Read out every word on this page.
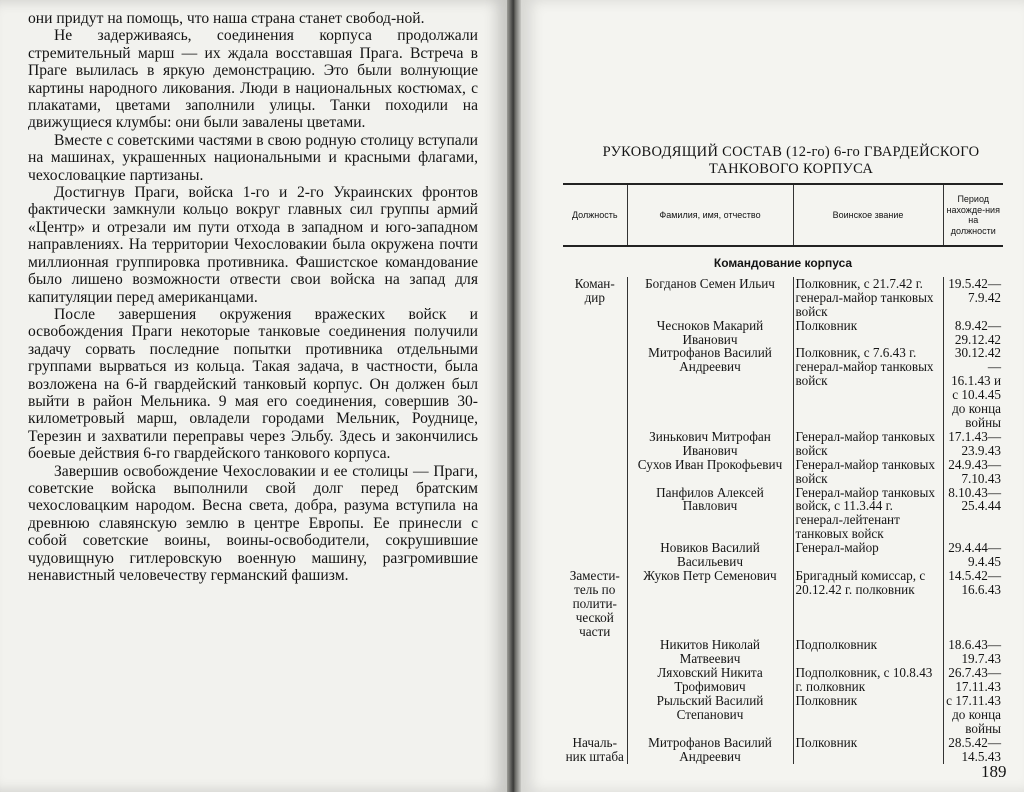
они придут на помощь, что наша страна станет свобод-ной.

Не задерживаясь, соединения корпуса продолжали стремительный марш — их ждала восставшая Прага. Встреча в Праге вылилась в яркую демонстрацию. Это были волнующие картины народного ликования. Люди в национальных костюмах, с плакатами, цветами заполнили улицы. Танки походили на движущиеся клумбы: они были завалены цветами.

Вместе с советскими частями в свою родную столицу вступали на машинах, украшенных национальными и красными флагами, чехословацкие партизаны.

Достигнув Праги, войска 1-го и 2-го Украинских фронтов фактически замкнули кольцо вокруг главных сил группы армий «Центр» и отрезали им пути отхода в западном и юго-западном направлениях. На территории Чехословакии была окружена почти миллионная группировка противника. Фашистское командование было лишено возможности отвести свои войска на запад для капитуляции перед американцами.

После завершения окружения вражеских войск и освобождения Праги некоторые танковые соединения получили задачу сорвать последние попытки противника отдельными группами вырваться из кольца. Такая задача, в частности, была возложена на 6-й гвардейский танковый корпус. Он должен был выйти в район Мельника. 9 мая его соединения, совершив 30-километровый марш, овладели городами Мельник, Роуднице, Терезин и захватили переправы через Эльбу. Здесь и закончились боевые действия 6-го гвардейского танкового корпуса.

Завершив освобождение Чехословакии и ее столицы — Праги, советские войска выполнили свой долг перед братским чехословацким народом. Весна света, добра, разума вступила на древнюю славянскую землю в центре Европы. Ее принесли с собой советские воины, воины-освободители, сокрушившие чудовищную гитлеровскую военную машину, разгромившие ненавистный человечеству германский фашизм.

РУКОВОДЯЩИЙ СОСТАВ (12-го) 6-го ГВАРДЕЙСКОГО
ТАНКОВОГО КОРПУСА
Должность	Фамилия, имя, отчество	Воинское звание	Период нахожде-ния на должности
Командование корпуса			
Коман-дир	Богданов Семен Ильич	Полковник, с 21.7.42 г. генерал-майор танковых войск	19.5.42— 7.9.42
	Чесноков Макарий Иванович	Полковник	8.9.42— 29.12.42
	Митрофанов Василий Андреевич	Полковник, с 7.6.43 г. генерал-майор танковых войск	30.12.42— 16.1.43 и с 10.4.45 до конца войны
	Зинькович Митрофан Иванович	Генерал-майор танковых войск	17.1.43— 23.9.43
	Сухов Иван Прокофьевич	Генерал-майор танковых войск	24.9.43— 7.10.43
	Панфилов Алексей Павлович	Генерал-майор танковых войск, с 11.3.44 г. генерал-лейтенант танковых войск	8.10.43— 25.4.44
	Новиков Василий Васильевич	Генерал-майор	29.4.44— 9.4.45
Замести-тель по полити-ческой части	Жуков Петр Семенович	Бригадный комиссар, с 20.12.42 г. полковник	14.5.42— 16.6.43
	Никитов Николай Матвеевич	Подполковник	18.6.43— 19.7.43
	Ляховский Никита Трофимович	Подполковник, с 10.8.43 г. полковник	26.7.43— 17.11.43
	Рыльский Василий Степанович	Полковник	с 17.11.43 до конца войны
Началь-ник штаба	Митрофанов Василий Андреевич	Полковник	28.5.42— 14.5.43
189
